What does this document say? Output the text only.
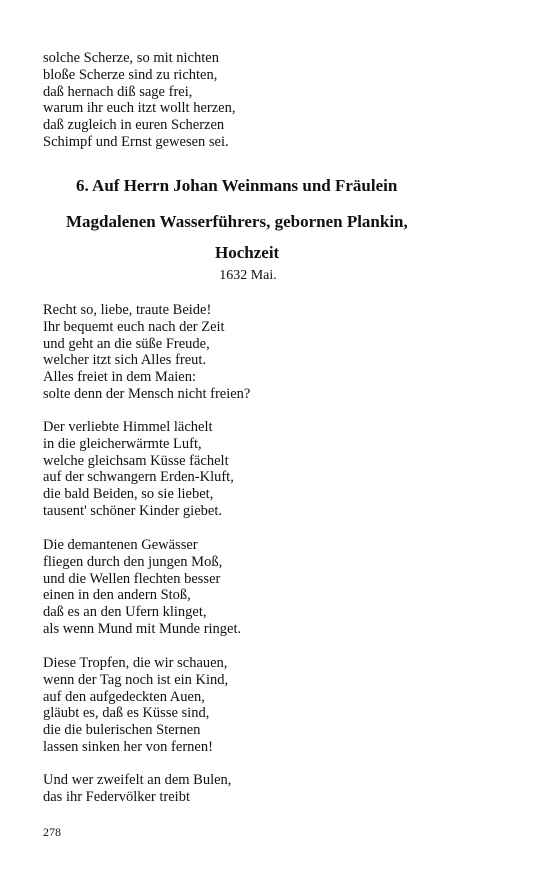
solche Scherze, so mit nichten
bloße Scherze sind zu richten,
daß hernach diß sage frei,
warum ihr euch itzt wollt herzen,
daß zugleich in euren Scherzen
Schimpf und Ernst gewesen sei.
6. Auf Herrn Johan Weinmans und Fräulein
Magdalenen Wasserführers, gebornen Plankin,
Hochzeit
1632 Mai.
Recht so, liebe, traute Beide!
Ihr bequemt euch nach der Zeit
und geht an die süße Freude,
welcher itzt sich Alles freut.
Alles freiet in dem Maien:
solte denn der Mensch nicht freien?
Der verliebte Himmel lächelt
in die gleicherwärmte Luft,
welche gleichsam Küsse fächelt
auf der schwangern Erden-Kluft,
die bald Beiden, so sie liebet,
tausent' schöner Kinder giebet.
Die demantenen Gewässer
fliegen durch den jungen Moß,
und die Wellen flechten besser
einen in den andern Stoß,
daß es an den Ufern klinget,
als wenn Mund mit Munde ringet.
Diese Tropfen, die wir schauen,
wenn der Tag noch ist ein Kind,
auf den aufgedeckten Auen,
gläubt es, daß es Küsse sind,
die die bulerischen Sternen
lassen sinken her von fernen!
Und wer zweifelt an dem Bulen,
das ihr Federvölker treibt
278
